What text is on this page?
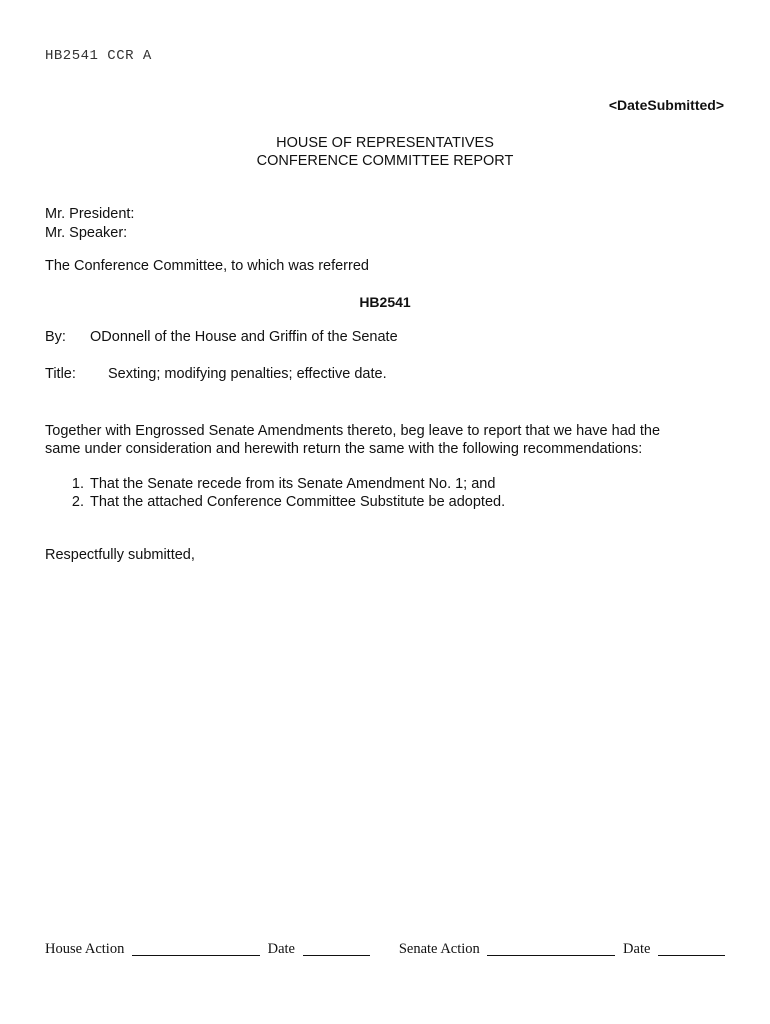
HB2541 CCR A
<DateSubmitted>
HOUSE OF REPRESENTATIVES
CONFERENCE COMMITTEE REPORT
Mr. President:
Mr. Speaker:
The Conference Committee, to which was referred
HB2541
By: ODonnell of the House and Griffin of the Senate
Title: Sexting; modifying penalties; effective date.
Together with Engrossed Senate Amendments thereto, beg leave to report that we have had the
same under consideration and herewith return the same with the following recommendations:
1. That the Senate recede from its Senate Amendment No. 1; and
2. That the attached Conference Committee Substitute be adopted.
Respectfully submitted,
House Action	Date	Senate Action	Date
